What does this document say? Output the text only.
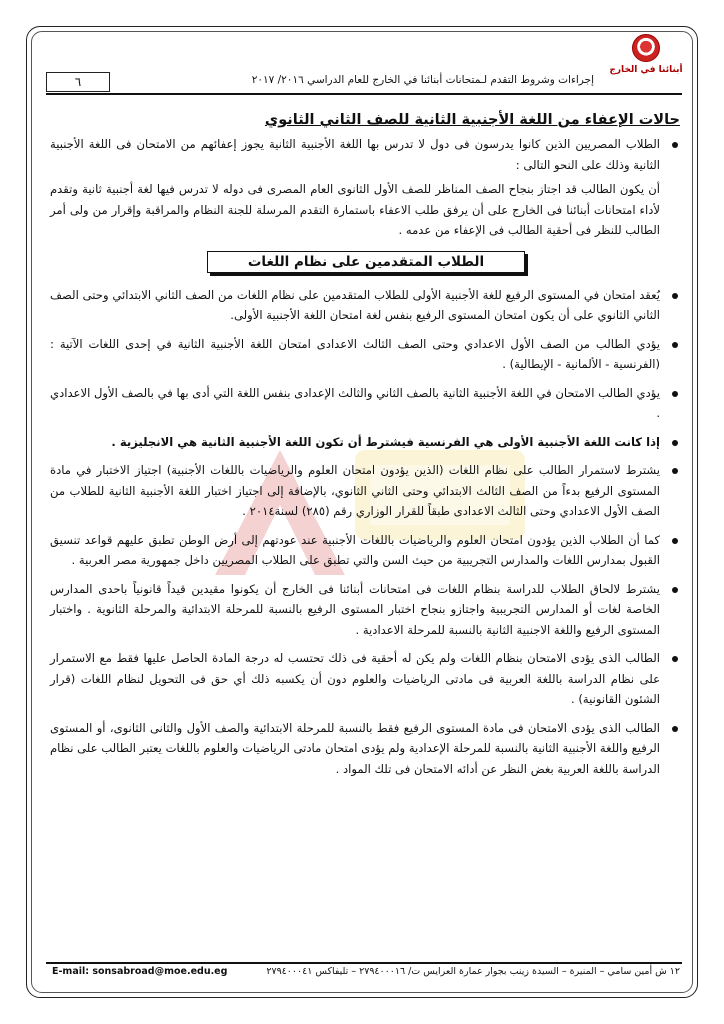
أبنائنا في الخارج
إجراءات وشروط التقدم لـمتحانات أبنائنا في الخارج للعام الدراسي ٢٠١٦/ ٢٠١٧
٦
حالات الإعفاء من اللغة الأجنبية الثانية للصف الثاني الثانوي
الطلاب المصريين الذين كانوا يدرسون فى دول لا تدرس بها اللغة الأجنبية الثانية يجوز إعفائهم من الامتحان فى اللغة الأجنبية الثانية وذلك على النحو التالى :
أن يكون الطالب قد اجتاز بنجاح الصف المناظر للصف الأول الثانوى العام المصرى فى دوله لا تدرس فيها لغة أجنبية ثانية وتقدم لأداء امتحانات أبنائنا فى الخارج على أن يرفق طلب الاعفاء باستمارة التقدم المرسلة للجنة النظام والمراقبة وإقرار من ولى أمر الطالب للنظر فى أحقية الطالب فى الإعفاء من عدمه .
الطلاب المتقدمين على نظام اللغات
يُعقد امتحان في المستوى الرفيع للغة الأجنبية الأولى للطلاب المتقدمين على نظام اللغات من الصف الثاني الابتدائي وحتى الصف الثاني الثانوي على أن يكون امتحان المستوى الرفيع بنفس لغة امتحان اللغة الأجنبية الأولى.
يؤدي الطالب من الصف الأول الاعدادي وحتى الصف الثالث الاعدادى امتحان اللغة الأجنبية الثانية في إحدى اللغات الآتية : (الفرنسية - الألمانية - الإيطالية) .
يؤدي الطالب الامتحان في اللغة الأجنبية الثانية بالصف الثاني والثالث الإعدادى بنفس اللغة التي أدى بها في بالصف الأول الاعدادي .
إذا كانت اللغة الأجنبية الأولى هي الفرنسية فيشترط أن تكون اللغة الأجنبية الثانية هي الانجليزية .
يشترط لاستمرار الطالب على نظام اللغات (الذين يؤدون امتحان العلوم والرياضيات باللغات الأجنبية) اجتياز الاختبار في مادة المستوى الرفيع بدءاً من الصف الثالث الابتدائي وحتى الثاني الثانوي، بالإضافة إلى اجتياز اختبار اللغة الأجنبية الثانية للطلاب من الصف الأول الاعدادي وحتى الثالث الاعدادى طبقاً للقرار الوزاري رقم (٢٨٥) لسنة٢٠١٤ .
كما أن الطلاب الذين يؤدون امتحان العلوم والرياضيات باللغات الأجنبية عند عودتهم إلى أرض الوطن تطبق عليهم قواعد تنسيق القبول بمدارس اللغات والمدارس التجريبية من حيث السن والتي تطبق على الطلاب المصريين داخل جمهورية مصر العربية .
يشترط لالحاق الطلاب للدراسة بنظام اللغات فى امتحانات أبنائنا فى الخارج أن يكونوا مقيدين قيداً قانونياً باحدى المدارس الخاصة لغات أو المدارس التجريبية واجتازو بنجاح اختبار المستوى الرفيع بالنسبة للمرحلة الابتدائية والمرحلة الثانوية . واختبار المستوى الرفيع واللغة الاجنبية الثانية بالنسبة للمرحلة الاعدادية .
الطالب الذى يؤدى الامتحان بنظام اللغات ولم يكن له أحقية فى ذلك تحتسب له درجة المادة الحاصل عليها فقط مع الاستمرار على نظام الدراسة باللغة العربية فى مادتى الرياضيات والعلوم دون أن يكسبه ذلك أي حق فى التحويل لنظام اللغات (قرار الشئون القانونية) .
الطالب الذى يؤدى الامتحان فى مادة المستوى الرفيع فقط بالنسبة للمرحلة الابتدائية والصف الأول والثانى الثانوى، أو المستوى الرفيع واللغة الأجنبية الثانية بالنسبة للمرحلة الإعدادية ولم يؤدى امتحان مادتى الرياضيات والعلوم باللغات يعتبر الطالب على نظام الدراسة باللغة العربية بغض النظر عن أدائه الامتحان فى تلك المواد .
١٢ ش أمين سامي – المنيرة – السيدة زينب بجوار عمارة العرايس ت/ ٢٧٩٤٠٠٠١٦ – تليفاكس ٢٧٩٤٠٠٠٤١
E-mail: sonsabroad@moe.edu.eg
